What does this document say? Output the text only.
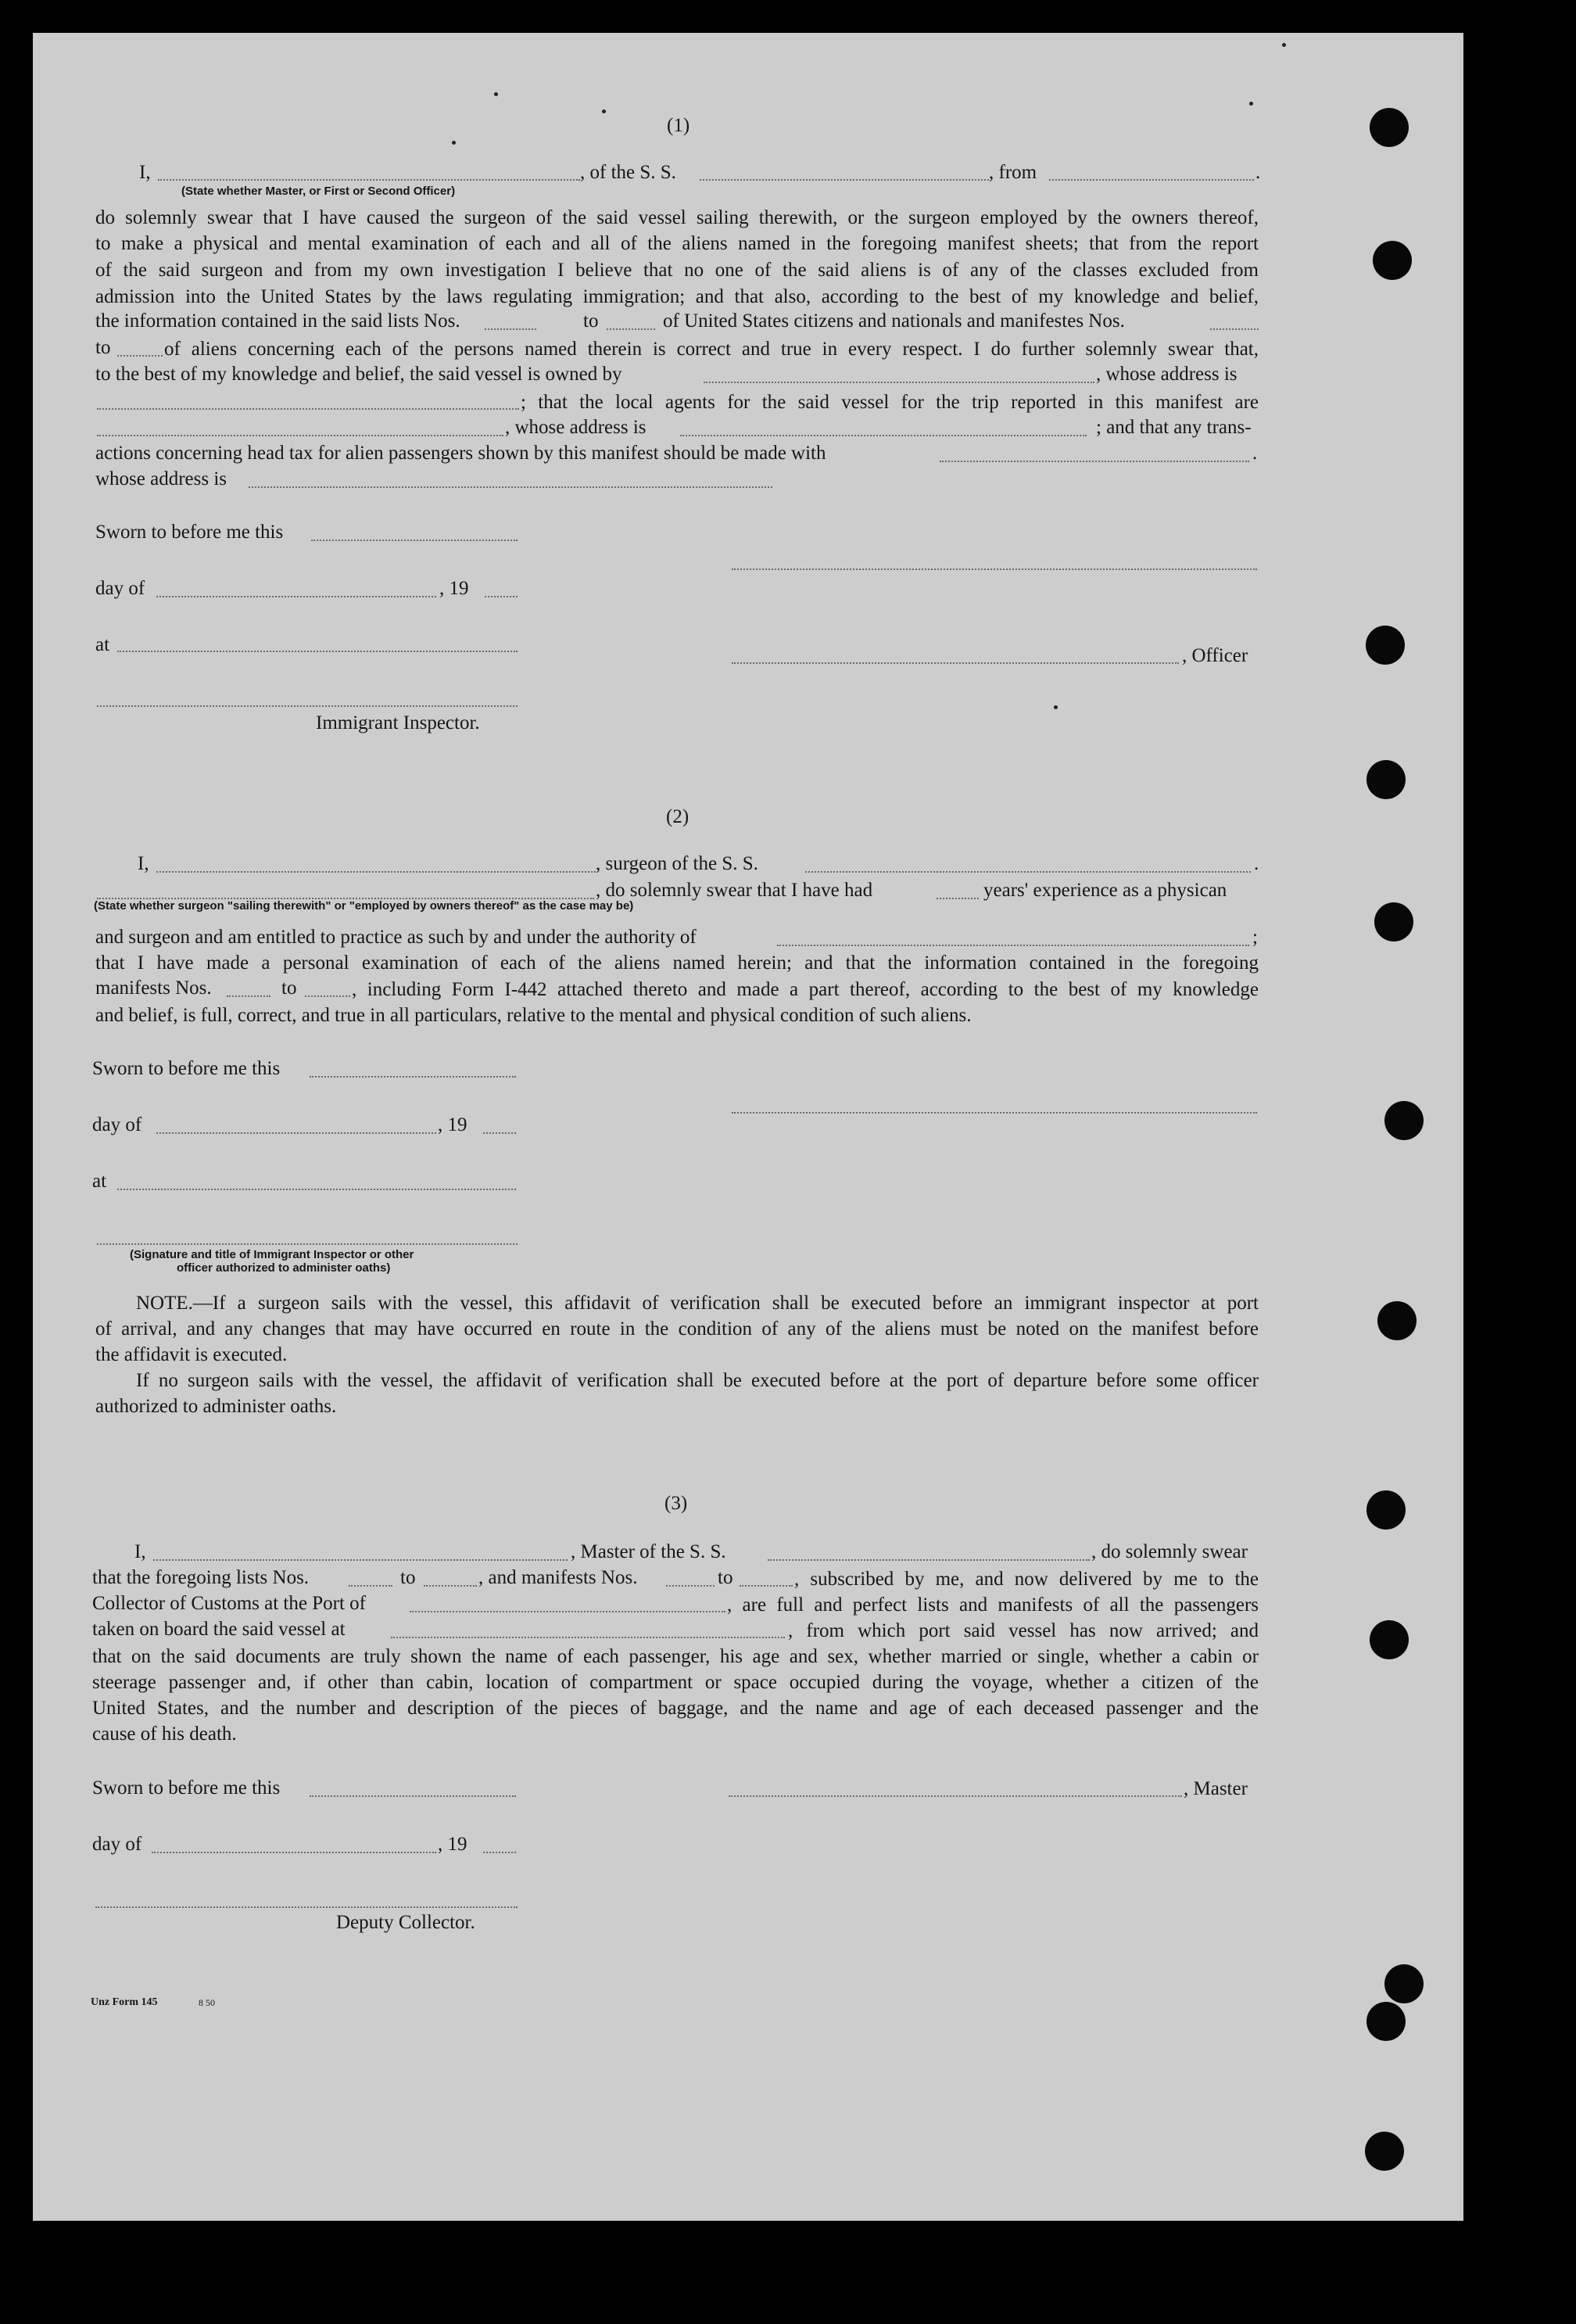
(1)
I,	, of the S. S.	, from	.
(State whether Master, or First or Second Officer)
do solemnly swear that I have caused the surgeon of the said vessel sailing therewith, or the surgeon employed by the owners thereof,
to make a physical and mental examination of each and all of the aliens named in the foregoing manifest sheets; that from the report
of the said surgeon and from my own investigation I believe that no one of the said aliens is of any of the classes excluded from
admission into the United States by the laws regulating immigration; and that also, according to the best of my knowledge and belief,
the information contained in the said lists Nos.	to	of United States citizens and nationals and manifestes Nos.
to	of aliens concerning each of the persons named therein is correct and true in every respect. I do further solemnly swear that,
to the best of my knowledge and belief, the said vessel is owned by	, whose address is
; that the local agents for the said vessel for the trip reported in this manifest are
, whose address is	; and that any trans-
actions concerning head tax for alien passengers shown by this manifest should be made with	.
whose address is
Sworn to before me this
day of	, 19
at
, Officer
Immigrant Inspector.
(2)
I,	, surgeon of the S. S.	.
, do solemnly swear that I have had	years' experience as a physican
(State whether surgeon "sailing therewith" or "employed by owners thereof" as the case may be)
and surgeon and am entitled to practice as such by and under the authority of	;
that I have made a personal examination of each of the aliens named herein; and that the information contained in the foregoing
manifests Nos.	to	, including Form I-442 attached thereto and made a part thereof, according to the best of my knowledge
and belief, is full, correct, and true in all particulars, relative to the mental and physical condition of such aliens.
Sworn to before me this
day of	, 19
at
(Signature and title of Immigrant Inspector or other
officer authorized to administer oaths)
NOTE.—If a surgeon sails with the vessel, this affidavit of verification shall be executed before an immigrant inspector at port
of arrival, and any changes that may have occurred en route in the condition of any of the aliens must be noted on the manifest before
the affidavit is executed.
If no surgeon sails with the vessel, the affidavit of verification shall be executed before at the port of departure before some officer
authorized to administer oaths.
(3)
I,	, Master of the S. S.	, do solemnly swear
that the foregoing lists Nos.	to	, and manifests Nos.	to	, subscribed by me, and now delivered by me to the
Collector of Customs at the Port of	, are full and perfect lists and manifests of all the passengers
taken on board the said vessel at	, from which port said vessel has now arrived; and
that on the said documents are truly shown the name of each passenger, his age and sex, whether married or single, whether a cabin or
steerage passenger and, if other than cabin, location of compartment or space occupied during the voyage, whether a citizen of the
United States, and the number and description of the pieces of baggage, and the name and age of each deceased passenger and the
cause of his death.
Sworn to before me this	, Master
day of	, 19
Deputy Collector.
Unz Form 145	8 50
